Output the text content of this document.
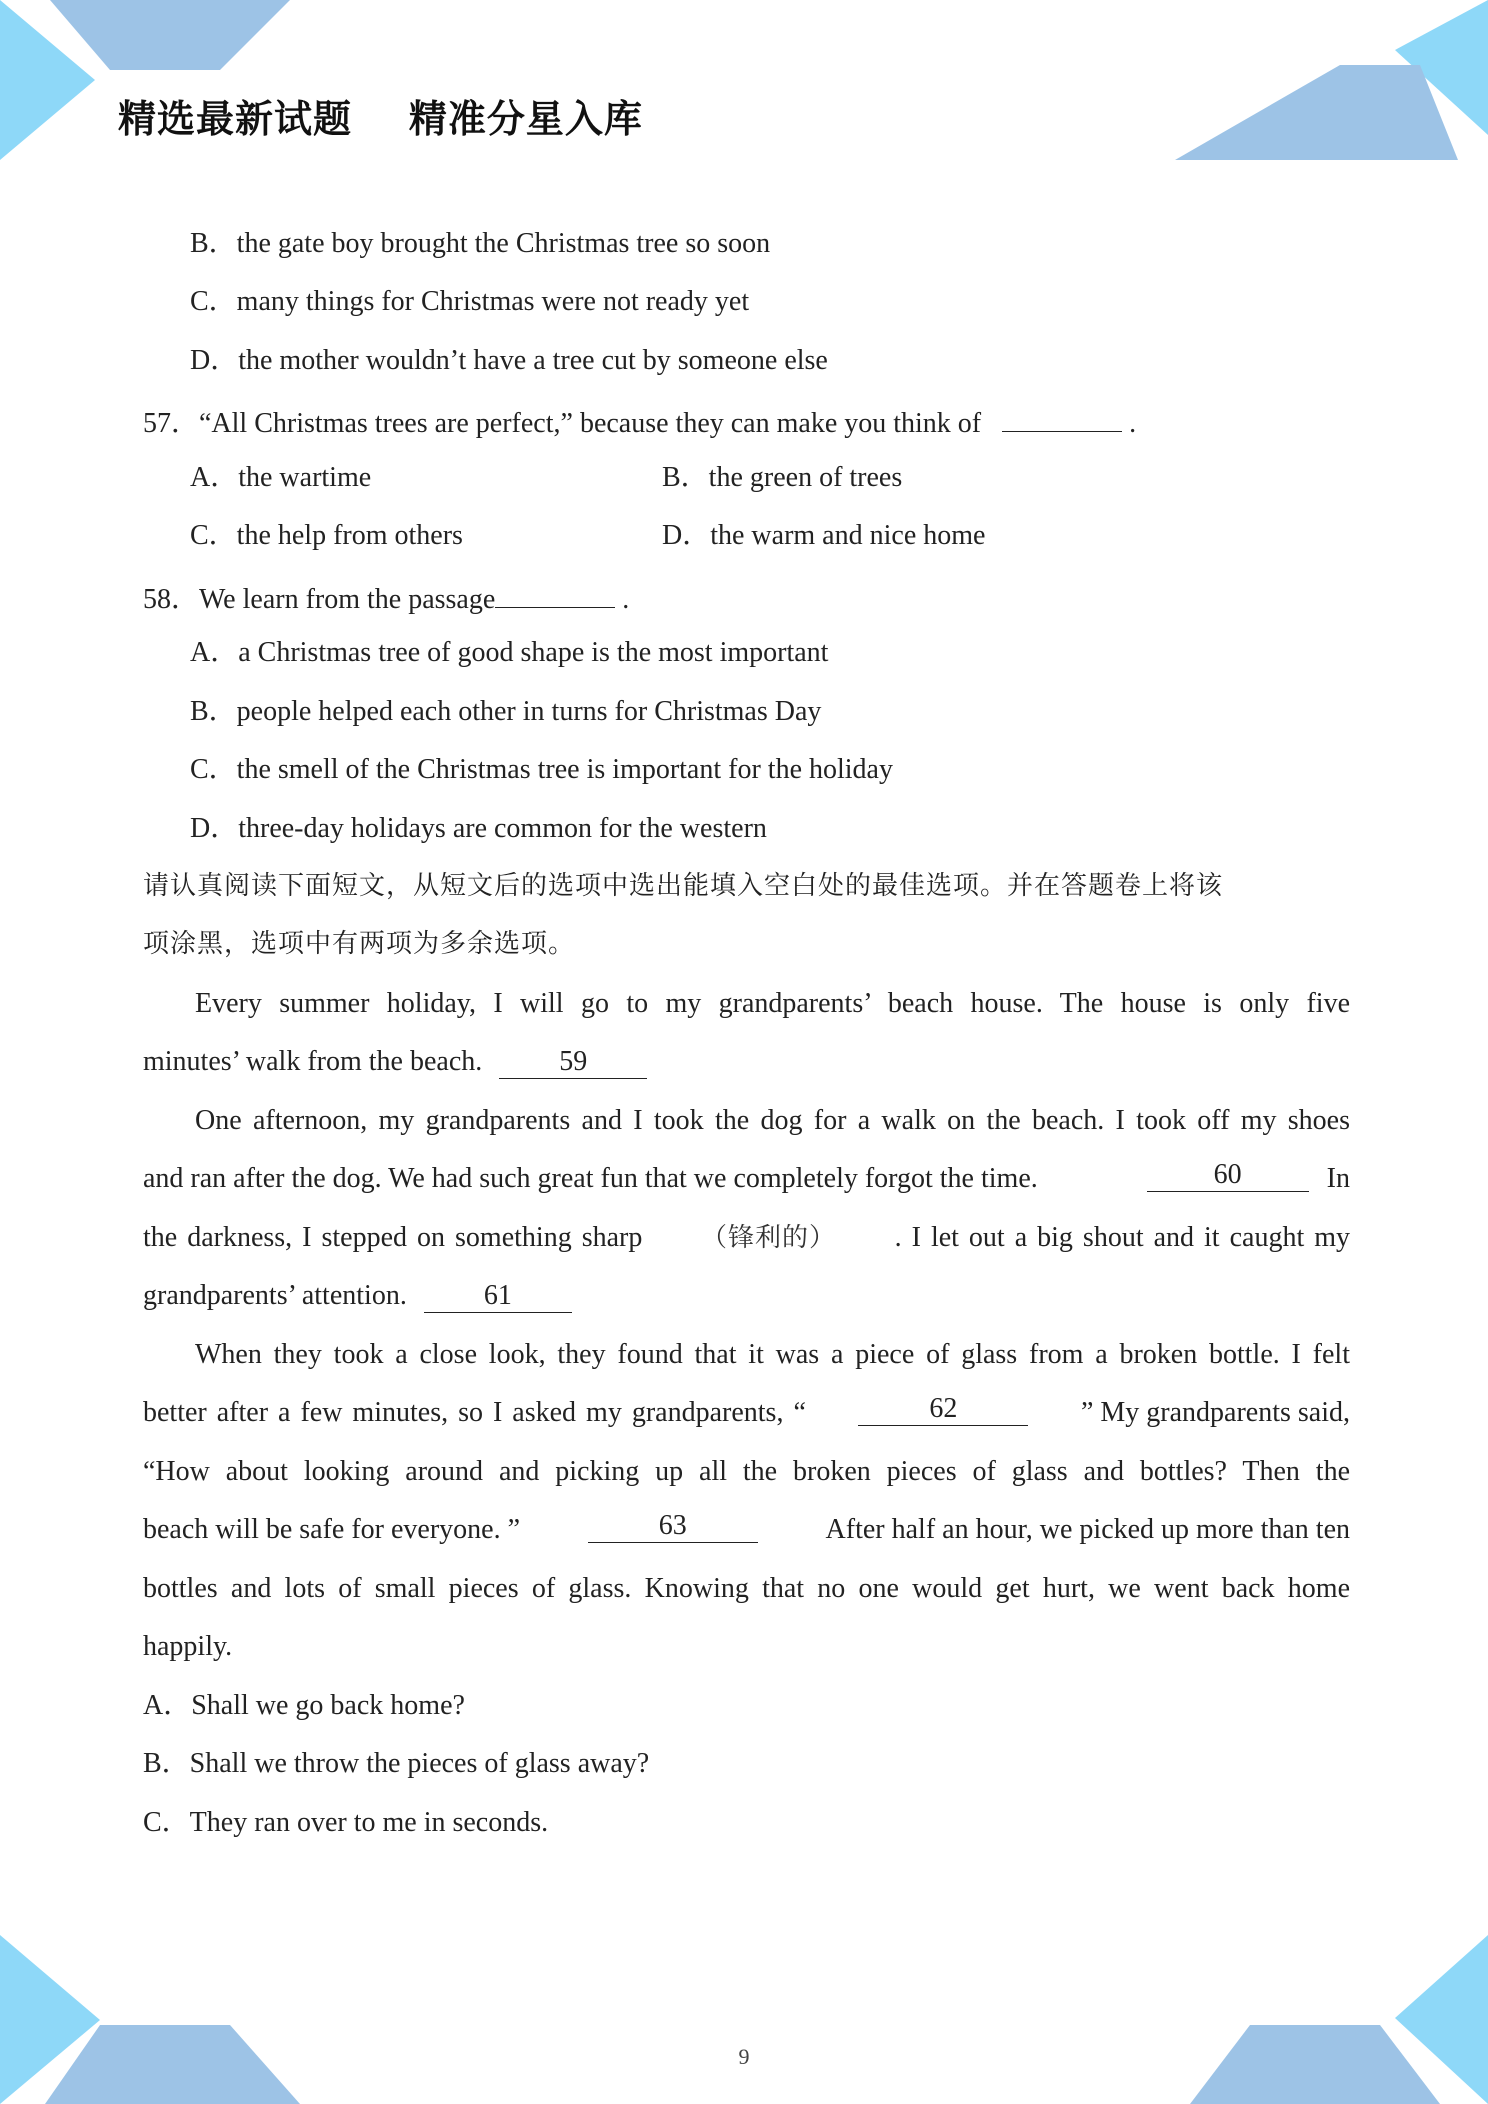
精选最新试题    精准分星入库
B．the gate boy brought the Christmas tree so soon
C．many things for Christmas were not ready yet
D．the mother wouldn’t have a tree cut by someone else
57．“All Christmas trees are perfect,” because they can make you think of	.
A．the wartime	B．the green of trees
C．the help from others	D．the warm and nice home
58．We learn from the passage	.
A．a Christmas tree of good shape is the most important
B．people helped each other in turns for Christmas Day
C．the smell of the Christmas tree is important for the holiday
D．three-day holidays are common for the western
请认真阅读下面短文，从短文后的选项中选出能填入空白处的最佳选项。并在答题卷上将该
项涂黑，选项中有两项为多余选项。
Every summer holiday, I will go to my grandparents’ beach house. The house is only five
minutes’ walk from the beach.	59
One afternoon, my grandparents and I took the dog for a walk on the beach. I took off my shoes
and ran after the dog. We had such great fun that we completely forgot the time.	60	In
the darkness, I stepped on something sharp （锋利的） . I let out a big shout and it caught my
grandparents’ attention.	61
When they took a close look, they found that it was a piece of glass from a broken bottle. I felt
better after a few minutes, so I asked my grandparents, “	62	” My grandparents said,
“How about looking around and picking up all the broken pieces of glass and bottles? Then the
beach will be safe for everyone. ”	63	After half an hour, we picked up more than ten
bottles and lots of small pieces of glass. Knowing that no one would get hurt, we went back home
happily.
A．Shall we go back home?
B．Shall we throw the pieces of glass away?
C．They ran over to me in seconds.
9
